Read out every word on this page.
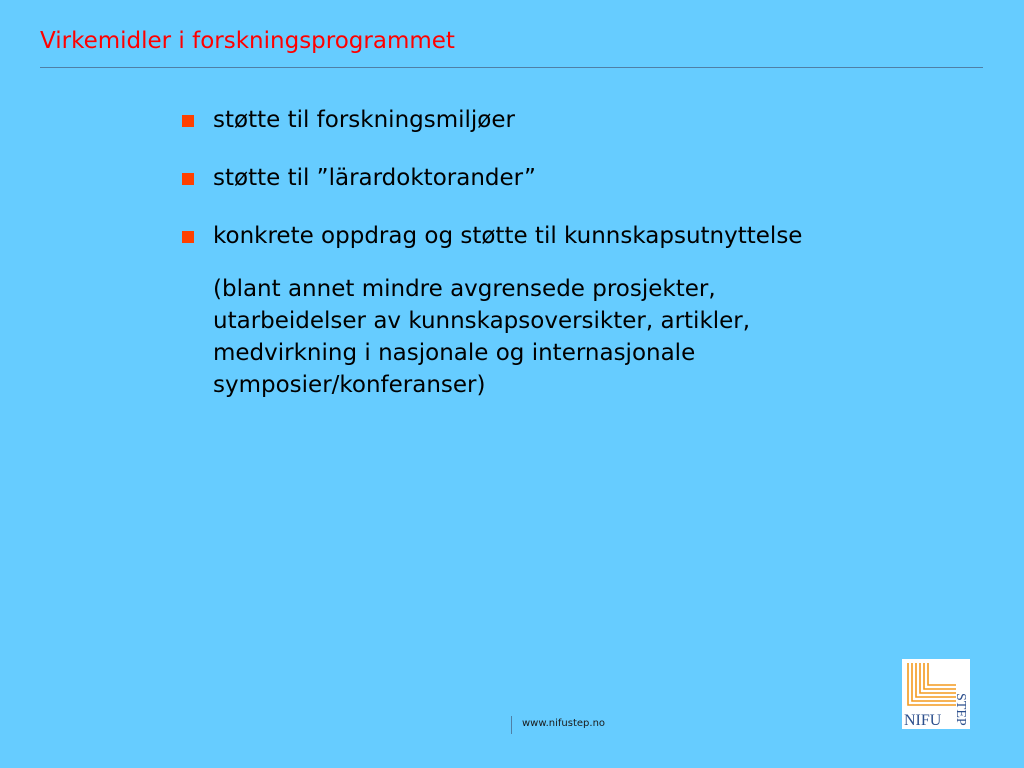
Virkemidler i forskningsprogrammet
støtte til forskningsmiljøer
støtte til ”lärardoktorander”
konkrete oppdrag og støtte til kunnskapsutnyttelse
(blant annet mindre avgrensede prosjekter,
utarbeidelser av kunnskapsoversikter, artikler,
medvirkning i nasjonale og internasjonale
symposier/konferanser)
www.nifustep.no	NIFU STEP
